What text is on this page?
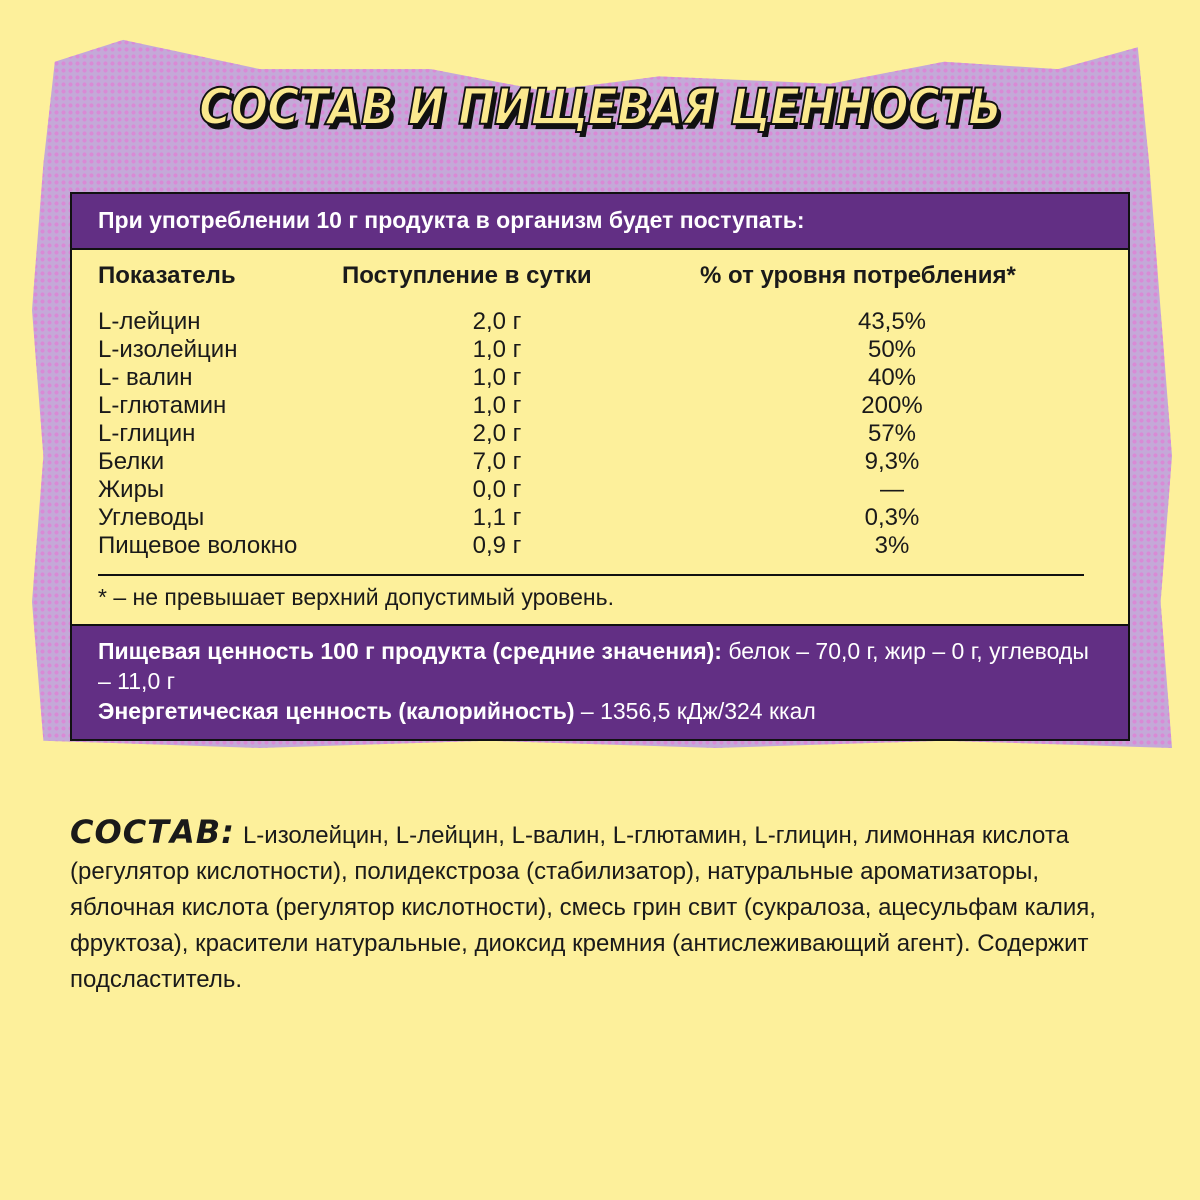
СОСТАВ И ПИЩЕВАЯ ЦЕННОСТЬ
При употреблении 10 г продукта в организм будет поступать:
Показатель	Поступление в сутки	% от уровня потребления*
* – не превышает верхний допустимый уровень.
L-лейцин	2,0 г	43,5%
L-изолейцин	1,0 г	50%
L- валин	1,0 г	40%
L-глютамин	1,0 г	200%
L-глицин	2,0 г	57%
Белки	7,0 г	9,3%
Жиры	0,0 г	—
Углеводы	1,1 г	0,3%
Пищевое волокно	0,9 г	3%
Пищевая ценность 100 г продукта (средние значения): белок – 70,0 г, жир – 0 г, углеводы – 11,0 г
Энергетическая ценность (калорийность) – 1356,5 кДж/324 ккал
СОСТАВ: L-изолейцин, L-лейцин, L-валин, L-глютамин, L-глицин, лимонная кислота (регулятор кислотности), полидекстроза (стабилизатор), натуральные ароматизаторы, яблочная кислота (регулятор кислотности), смесь грин свит (сукралоза, ацесульфам калия, фруктоза), красители натуральные, диоксид кремния (антислеживающий агент). Содержит подсластитель.
